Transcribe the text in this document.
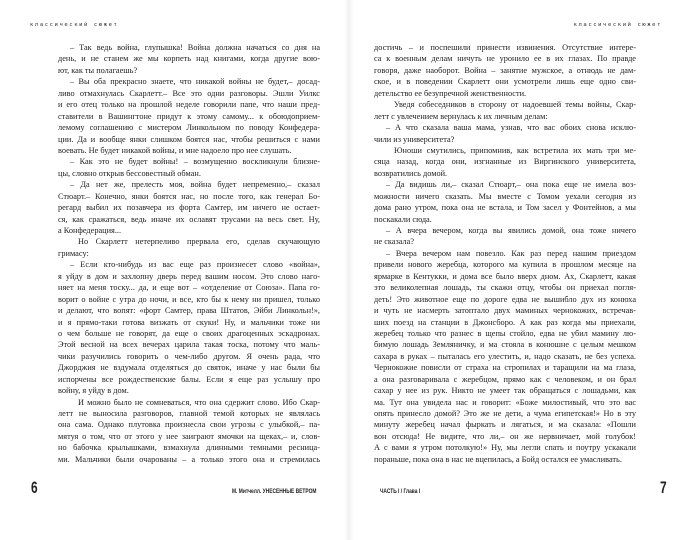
классический сюжет	классический сюжет
– Так ведь война, глупышка! Война должна начаться со дня на
день, и не станем же мы корпеть над книгами, когда другие вою-
ют, как ты полагаешь?
– Вы оба прекрасно знаете, что никакой войны не будет,– досад-
ливо отмахнулась Скарлетт.– Все это одни разговоры. Эшли Уилкс
и его отец только на прошлой неделе говорили папе, что наши пред-
ставители в Вашингтоне придут к этому самому... к обоюдоприем-
лемому соглашению с мистером Линкольном по поводу Конфедера-
ции. Да и вообще янки слишком боятся нас, чтобы решиться с нами
воевать. Не будет никакой войны, и мне надоело про нее слушать.
– Как это не будет войны! – возмущенно воскликнули близне-
цы, словно открыв бессовестный обман.
– Да нет же, прелесть моя, война будет непременно,– сказал
Стюарт.– Конечно, янки боятся нас, но после того, как генерал Бо-
регард выбил их позавчера из форта Самтер, им ничего не остает-
ся, как сражаться, ведь иначе их ославят трусами на весь свет. Ну,
а Конфедерация...
Но Скарлетт нетерпеливо прервала его, сделав скучающую
гримасу:
– Если кто-нибудь из вас еще раз произнесет слово «война»,
я уйду в дом и захлопну дверь перед вашим носом. Это слово наго-
няет на меня тоску... да, и еще вот – «отделение от Союза». Папа го-
ворит о войне с утра до ночи, и все, кто бы к нему ни пришел, только
и делают, что вопят: «форт Самтер, права Штатов, Эйби Линкольн!»,
и я прямо-таки готова визжать от скуки! Ну, и мальчики тоже ни
о чем больше не говорят, да еще о своих драгоценных эскадронах.
Этой весной на всех вечерах царила такая тоска, потому что маль-
чики разучились говорить о чем-либо другом. Я очень рада, что
Джорджия не вздумала отделяться до святок, иначе у нас были бы
испорчены все рождественские балы. Если я еще раз услышу про
войну, я уйду в дом.
И можно было не сомневаться, что она сдержит слово. Ибо Скар-
летт не выносила разговоров, главной темой которых не являлась
она сама. Однако плутовка произнесла свои угрозы с улыбкой,– па-
мятуя о том, что от этого у нее заиграют ямочки на щеках,– и, слов-
но бабочка крылышками, взмахнула длинными темными ресница-
ми. Мальчики были очарованы – а только этого она и стремилась
достичь – и поспешили принести извинения. Отсутствие интере-
са к военным делам ничуть не уронило ее в их глазах. По правде
говоря, даже наоборот. Война – занятие мужское, а отнюдь не дам-
ское, и в поведении Скарлетт они усмотрели лишь еще одно сви-
детельство ее безупречной женственности.
Уведя собеседников в сторону от надоевшей темы войны, Скар-
летт с увлечением вернулась к их личным делам:
– А что сказала ваша мама, узнав, что вас обоих снова исклю-
чили из университета?
Юноши смутились, припомнив, как встретила их мать три ме-
сяца назад, когда они, изгнанные из Виргинского университета,
возвратились домой.
– Да видишь ли,– сказал Стюарт,– она пока еще не имела воз-
можности ничего сказать. Мы вместе с Томом уехали сегодня из
дома рано утром, пока она не встала, и Том засел у Фонтейнов, а мы
поскакали сюда.
– А вчера вечером, когда вы явились домой, она тоже ничего
не сказала?
– Вчера вечером нам повезло. Как раз перед нашим приездом
привели нового жеребца, которого ма купила в прошлом месяце на
ярмарке в Кентукки, и дома все было вверх дном. Ах, Скарлетт, какая
это великолепная лошадь, ты скажи отцу, чтобы он приехал погля-
деть! Это животное еще по дороге едва не вышибло дух из конюха
и чуть не насмерть затоптало двух маминых чернокожих, встречав-
ших поезд на станции в Джонсборо. А как раз когда мы приехали,
жеребец только что разнес в щепы стойло, едва не убил мамину лю-
бимую лошадь Земляничку, и ма стояла в конюшне с целым мешком
сахара в руках – пыталась его улестить, и, надо сказать, не без успеха.
Чернокожие повисли от страха на стропилах и таращили на ма глаза,
а она разговаривала с жеребцом, прямо как с человеком, и он брал
сахар у нее из рук. Никто не умеет так обращаться с лошадьми, как
ма. Тут она увидела нас и говорит: «Боже милостивый, что это вас
опять принесло домой? Это же не дети, а чума египетская!» Но в эту
минуту жеребец начал фыркать и лягаться, и ма сказала: «Пошли
вон отсюда! Не видите, что ли,– он же нервничает, мой голубок!
А с вами я утром потолкую!» Ну, мы легли спать и поутру ускакали
пораньше, пока она в нас не вцепилась, а Бойд остался ее умасливать.
6	М. Митчелл. УНЕСЕННЫЕ ВЕТРОМ	ЧАСТЬ I / Глава I	7
